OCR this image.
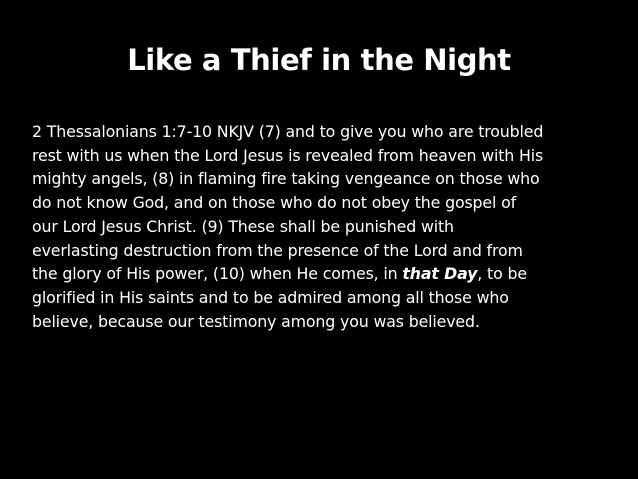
Like a Thief in the Night
2 Thessalonians 1:7-10 NKJV (7) and to give you who are troubled
rest with us when the Lord Jesus is revealed from heaven with His
mighty angels, (8) in flaming fire taking vengeance on those who
do not know God, and on those who do not obey the gospel of
our Lord Jesus Christ. (9) These shall be punished with
everlasting destruction from the presence of the Lord and from
the glory of His power, (10) when He comes, in that Day, to be
glorified in His saints and to be admired among all those who
believe, because our testimony among you was believed.
